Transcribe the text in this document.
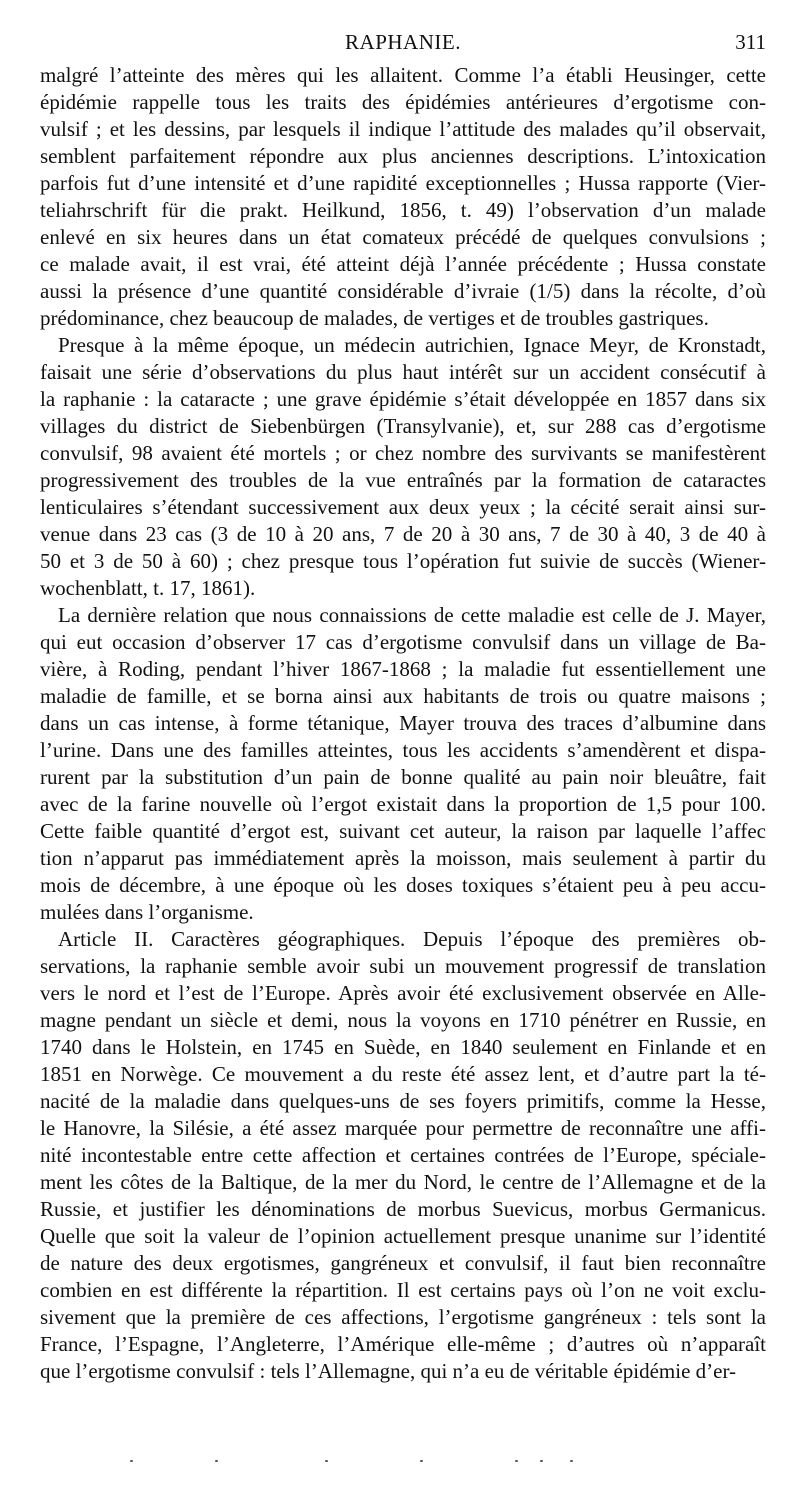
RAPHANIE.	311

malgré l’atteinte des mères qui les allaitent. Comme l’a établi Heusinger, cette
épidémie rappelle tous les traits des épidémies antérieures d’ergotisme con-
vulsif ; et les dessins, par lesquels il indique l’attitude des malades qu’il observait,
semblent parfaitement répondre aux plus anciennes descriptions. L’intoxication
parfois fut d’une intensité et d’une rapidité exceptionnelles ; Hussa rapporte (Vier-
teliahrschrift für die prakt. Heilkund, 1856, t. 49) l’observation d’un malade
enlevé en six heures dans un état comateux précédé de quelques convulsions ;
ce malade avait, il est vrai, été atteint déjà l’année précédente ; Hussa constate
aussi la présence d’une quantité considérable d’ivraie (1/5) dans la récolte, d’où
prédominance, chez beaucoup de malades, de vertiges et de troubles gastriques.

Presque à la même époque, un médecin autrichien, Ignace Meyr, de Kronstadt,
faisait une série d’observations du plus haut intérêt sur un accident consécutif à
la raphanie : la cataracte ; une grave épidémie s’était développée en 1857 dans six
villages du district de Siebenbürgen (Transylvanie), et, sur 288 cas d’ergotisme
convulsif, 98 avaient été mortels ; or chez nombre des survivants se manifestèrent
progressivement des troubles de la vue entraînés par la formation de cataractes
lenticulaires s’étendant successivement aux deux yeux ; la cécité serait ainsi sur-
venue dans 23 cas (3 de 10 à 20 ans, 7 de 20 à 30 ans, 7 de 30 à 40, 3 de 40 à
50 et 3 de 50 à 60) ; chez presque tous l’opération fut suivie de succès (Wiener-
wochenblatt, t. 17, 1861).

La dernière relation que nous connaissions de cette maladie est celle de J. Mayer,
qui eut occasion d’observer 17 cas d’ergotisme convulsif dans un village de Ba-
vière, à Roding, pendant l’hiver 1867-1868 ; la maladie fut essentiellement une
maladie de famille, et se borna ainsi aux habitants de trois ou quatre maisons ;
dans un cas intense, à forme tétanique, Mayer trouva des traces d’albumine dans
l’urine. Dans une des familles atteintes, tous les accidents s’amendèrent et dispa-
rurent par la substitution d’un pain de bonne qualité au pain noir bleuâtre, fait
avec de la farine nouvelle où l’ergot existait dans la proportion de 1,5 pour 100.
Cette faible quantité d’ergot est, suivant cet auteur, la raison par laquelle l’affec
tion n’apparut pas immédiatement après la moisson, mais seulement à partir du
mois de décembre, à une époque où les doses toxiques s’étaient peu à peu accu-
mulées dans l’organisme.

Article II. Caractères géographiques. Depuis l’époque des premières ob-
servations, la raphanie semble avoir subi un mouvement progressif de translation
vers le nord et l’est de l’Europe. Après avoir été exclusivement observée en Alle-
magne pendant un siècle et demi, nous la voyons en 1710 pénétrer en Russie, en
1740 dans le Holstein, en 1745 en Suède, en 1840 seulement en Finlande et en
1851 en Norwège. Ce mouvement a du reste été assez lent, et d’autre part la té-
nacité de la maladie dans quelques-uns de ses foyers primitifs, comme la Hesse,
le Hanovre, la Silésie, a été assez marquée pour permettre de reconnaître une affi-
nité incontestable entre cette affection et certaines contrées de l’Europe, spéciale-
ment les côtes de la Baltique, de la mer du Nord, le centre de l’Allemagne et de la
Russie, et justifier les dénominations de morbus Suevicus, morbus Germanicus.
Quelle que soit la valeur de l’opinion actuellement presque unanime sur l’identité
de nature des deux ergotismes, gangréneux et convulsif, il faut bien reconnaître
combien en est différente la répartition. Il est certains pays où l’on ne voit exclu-
sivement que la première de ces affections, l’ergotisme gangréneux : tels sont la
France, l’Espagne, l’Angleterre, l’Amérique elle-même ; d’autres où n’apparaît
que l’ergotisme convulsif : tels l’Allemagne, qui n’a eu de véritable épidémie d’er-
